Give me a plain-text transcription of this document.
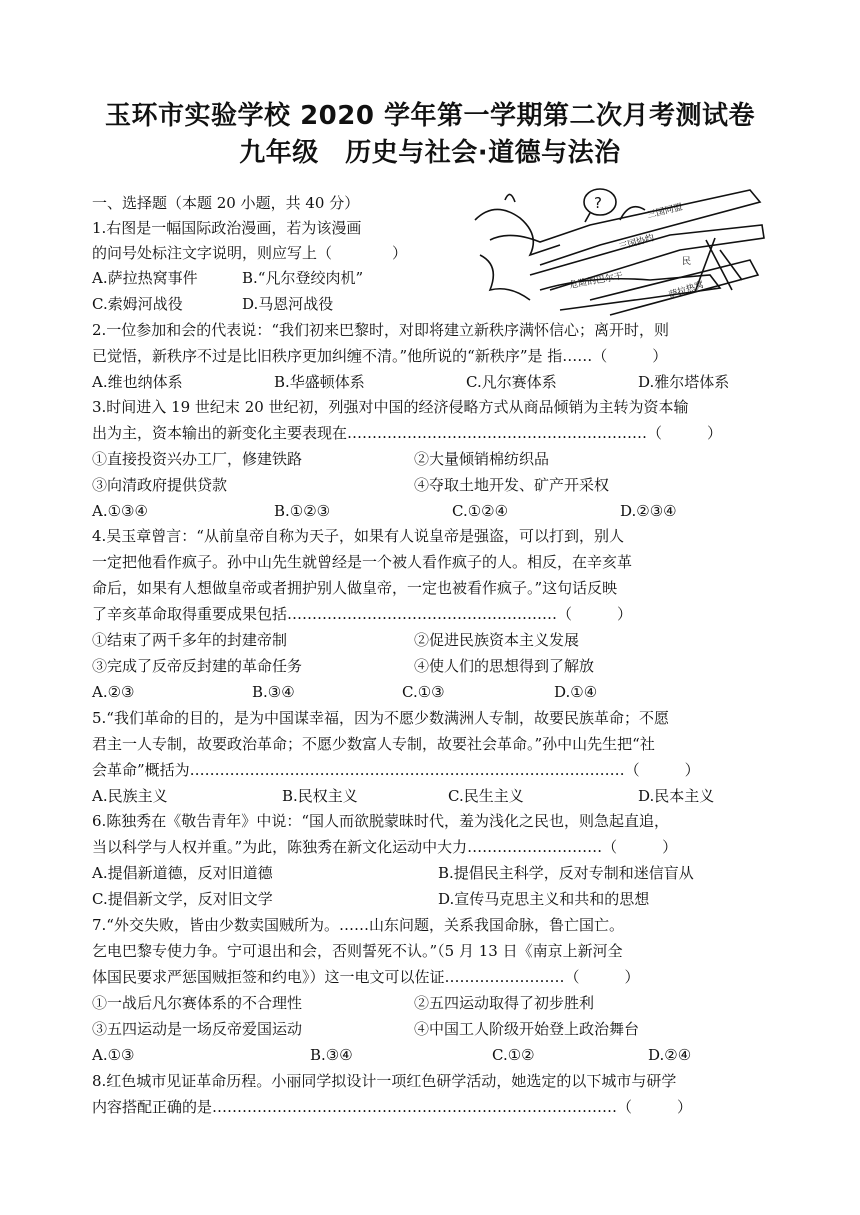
玉环市实验学校 2020 学年第一学期第二次月考测试卷
九年级　历史与社会·道德与法治
一、选择题（本题 20 小题，共 40 分）	?	三国同盟
三国协约
危险的巴尔干	萨拉热窝
民
1.右图是一幅国际政治漫画，若为该漫画
的问号处标注文字说明，则应写上（　　　　）
A.萨拉热窝事件	B.“凡尔登绞肉机”
C.索姆河战役	D.马恩河战役
2.一位参加和会的代表说：“我们初来巴黎时，对即将建立新秩序满怀信心；离开时，则
已觉悟，新秩序不过是比旧秩序更加纠缠不清。”他所说的“新秩序”是 指……（　　　）
A.维也纳体系	B.华盛顿体系	C.凡尔赛体系	D.雅尔塔体系
3.时间进入 19 世纪末 20 世纪初，列强对中国的经济侵略方式从商品倾销为主转为资本输
出为主，资本输出的新变化主要表现在……………………………………………………（　　　）
①直接投资兴办工厂，修建铁路	②大量倾销棉纺织品
③向清政府提供贷款	④夺取土地开发、矿产开采权
A.①③④	B.①②③	C.①②④	D.②③④
4.吴玉章曾言：“从前皇帝自称为天子，如果有人说皇帝是强盗，可以打到，别人
一定把他看作疯子。孙中山先生就曾经是一个被人看作疯子的人。相反，在辛亥革
命后，如果有人想做皇帝或者拥护别人做皇帝，一定也被看作疯子。”这句话反映
了辛亥革命取得重要成果包括………………………………………………（　　　）
①结束了两千多年的封建帝制	②促进民族资本主义发展
③完成了反帝反封建的革命任务	④使人们的思想得到了解放
A.②③	B.③④	C.①③	D.①④
5.“我们革命的目的，是为中国谋幸福，因为不愿少数满洲人专制，故要民族革命；不愿
君主一人专制，故要政治革命；不愿少数富人专制，故要社会革命。”孙中山先生把“社
会革命”概括为……………………………………………………………………………（　　　）
A.民族主义	B.民权主义	C.民生主义	D.民本主义
6.陈独秀在《敬告青年》中说：“国人而欲脱蒙昧时代，羞为浅化之民也，则急起直追，
当以科学与人权并重。”为此，陈独秀在新文化运动中大力………………………（　　　）
A.提倡新道德，反对旧道德	B.提倡民主科学，反对专制和迷信盲从
C.提倡新文学，反对旧文学	D.宣传马克思主义和共和的思想
7.“外交失败，皆由少数卖国贼所为。……山东问题，关系我国命脉，鲁亡国亡。
乞电巴黎专使力争。宁可退出和会，否则誓死不认。”（5 月 13 日《南京上新河全
体国民要求严惩国贼拒签和约电》）这一电文可以佐证……………………（　　　）
①一战后凡尔赛体系的不合理性	②五四运动取得了初步胜利
③五四运动是一场反帝爱国运动	④中国工人阶级开始登上政治舞台
A.①③	B.③④	C.①②	D.②④
8.红色城市见证革命历程。小丽同学拟设计一项红色研学活动，她选定的以下城市与研学
内容搭配正确的是………………………………………………………………………（　　　）
